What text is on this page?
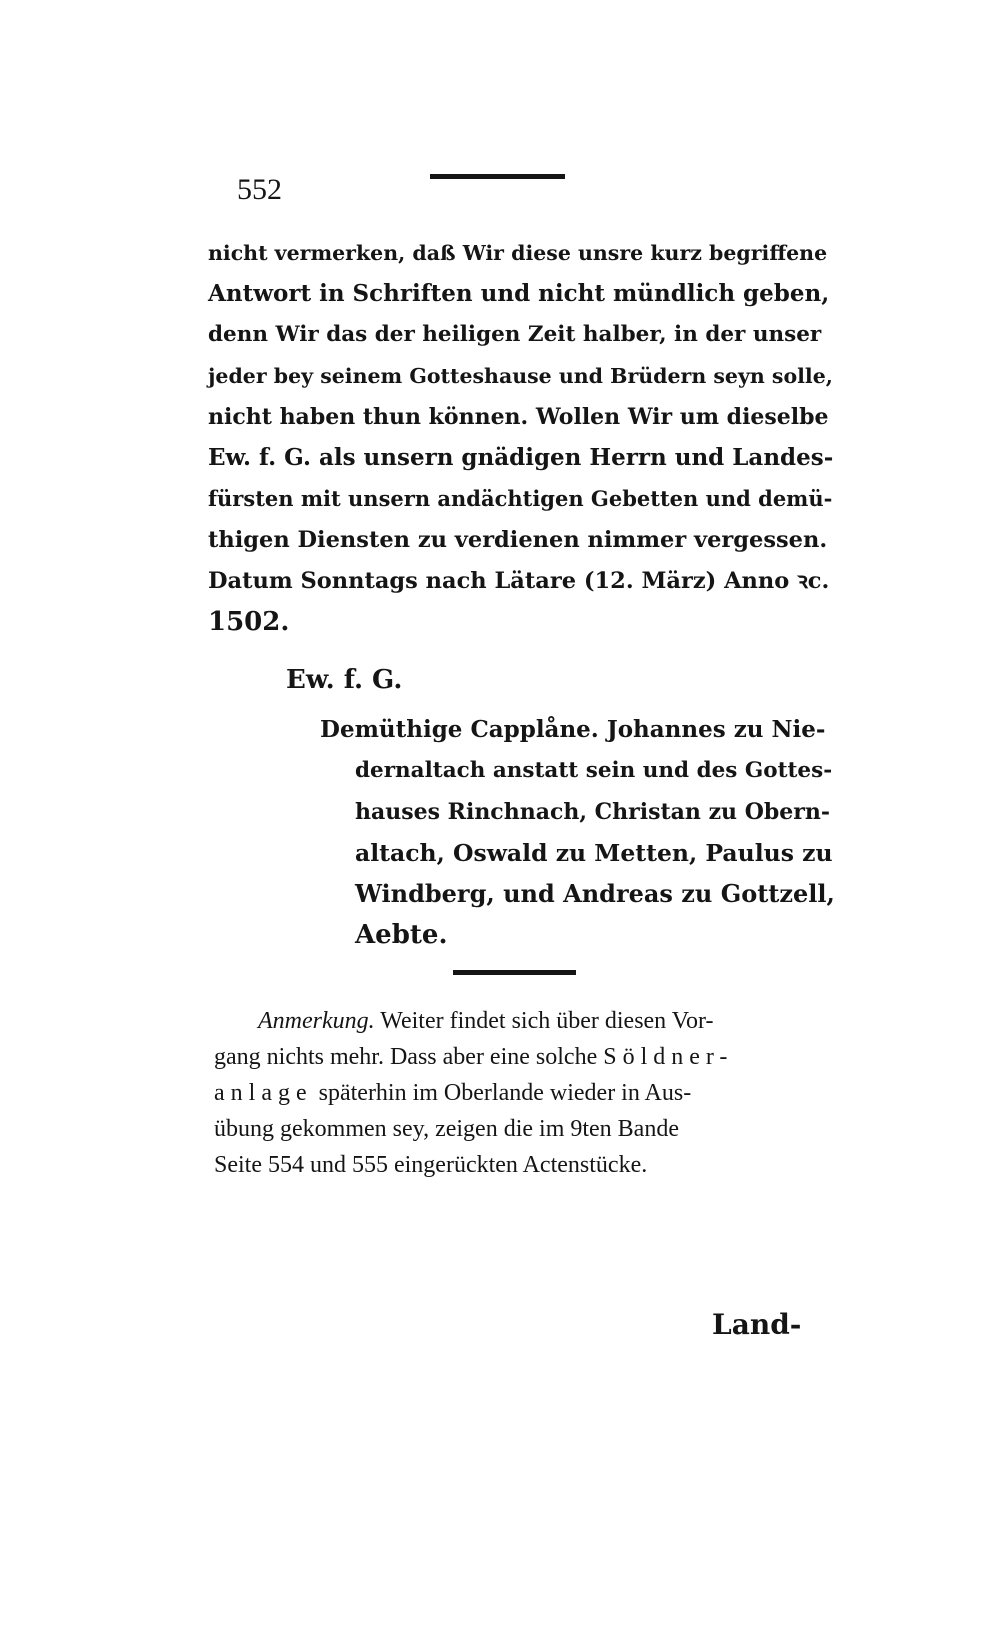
552
nicht vermerken, daß Wir diese unsre kurz begriffene
Antwort in Schriften und nicht mündlich geben,
denn Wir das der heiligen Zeit halber, in der unser
jeder bey seinem Gotteshause und Brüdern seyn solle,
nicht haben thun können. Wollen Wir um dieselbe
Ew. f. G. als unsern gnädigen Herrn und Landes-
fürsten mit unsern andächtigen Gebetten und demü-
thigen Diensten zu verdienen nimmer vergessen.
Datum Sonntags nach Lätare (12. März) Anno ꝛc.
1502.
Ew. f. G.
Demüthige Capplåne. Johannes zu Nie-
dernaltach anstatt sein und des Gottes-
hauses Rinchnach, Christan zu Obern-
altach, Oswald zu Metten, Paulus zu
Windberg, und Andreas zu Gottzell,
Aebte.
Anmerkung. Weiter findet sich über diesen Vor-
gang nichts mehr. Dass aber eine solche Söldner-
anlage späterhin im Oberlande wieder in Aus-
übung gekommen sey, zeigen die im 9ten Bande
Seite 554 und 555 eingerückten Actenstücke.
Land-
